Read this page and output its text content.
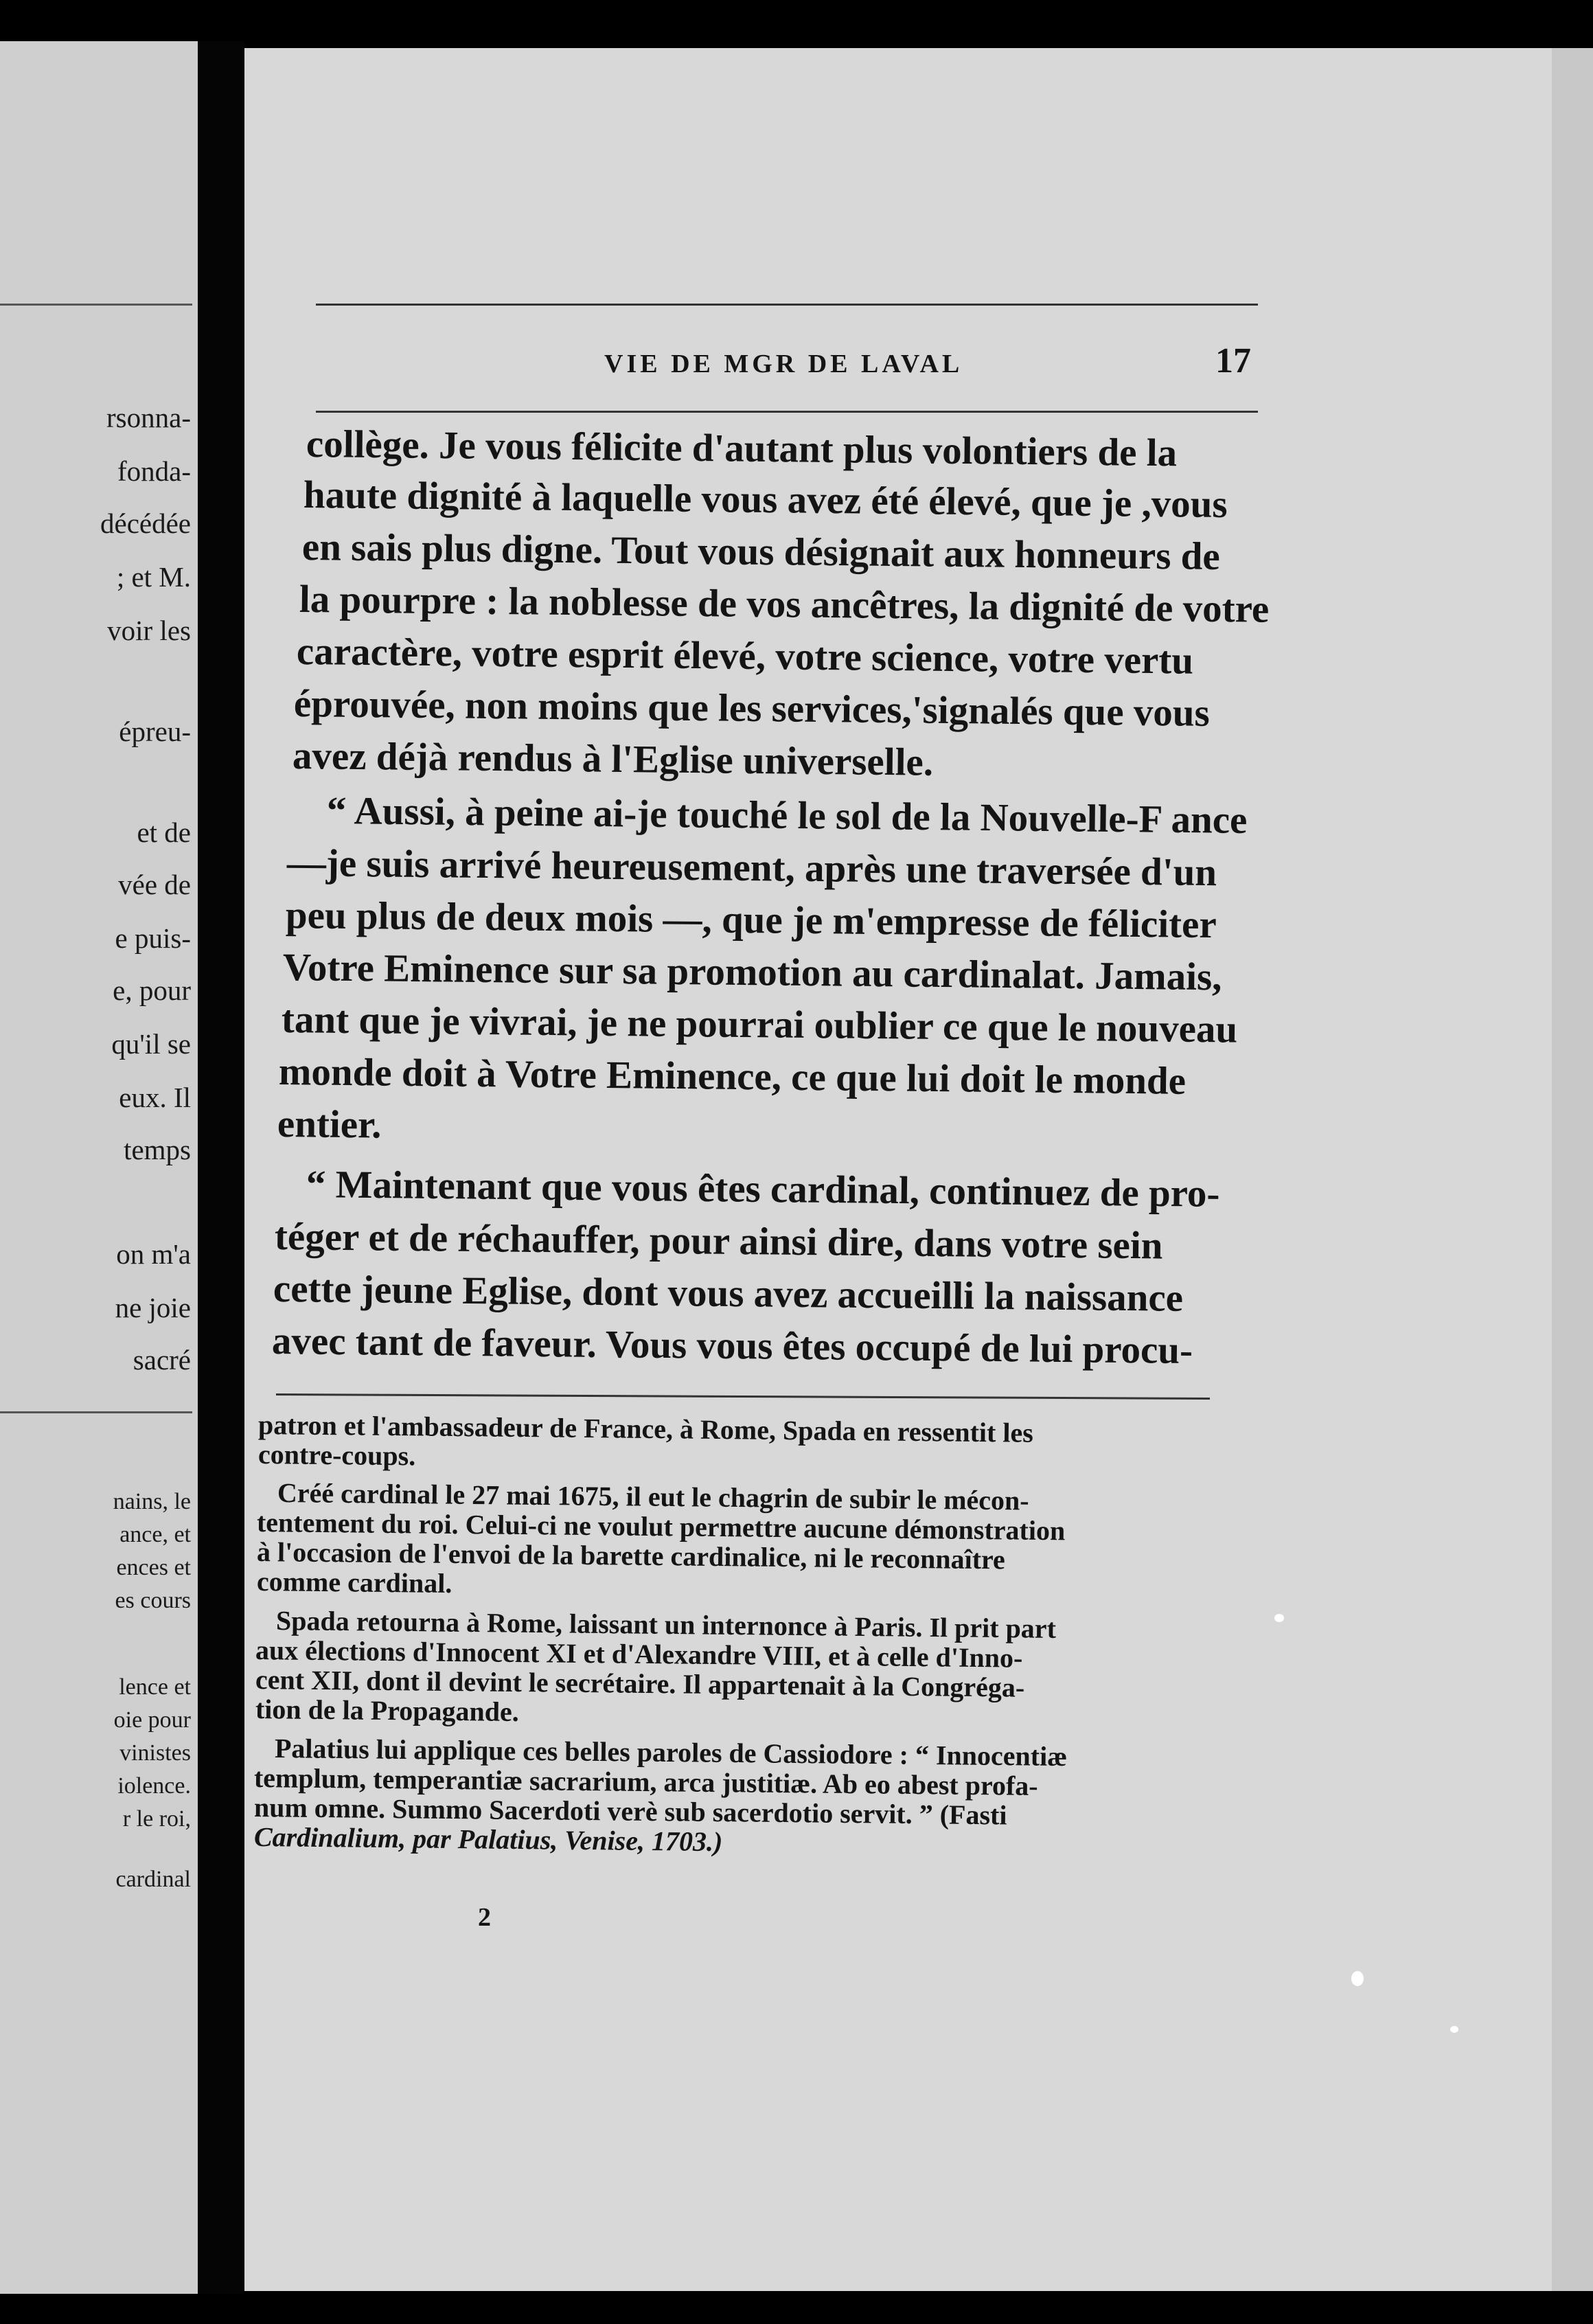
rsonna-
fonda-
décédée
; et M.
voir les
épreu-
et de
vée de
e puis-
e, pour
qu'il se
eux. Il
temps
on m'a
ne joie
sacré
nains, le
ance, et
ences et
es cours
lence et
oie pour
vinistes
iolence.
r le roi,
cardinal
VIE DE MGR DE LAVAL	17
collège. Je vous félicite d'autant plus volontiers de la
haute dignité à laquelle vous avez été élevé, que je ,vous
en sais plus digne. Tout vous désignait aux honneurs de
la pourpre : la noblesse de vos ancêtres, la dignité de votre
caractère, votre esprit élevé, votre science, votre vertu
éprouvée, non moins que les services,'signalés que vous
avez déjà rendus à l'Eglise universelle.
“ Aussi, à peine ai-je touché le sol de la Nouvelle-F ance
—je suis arrivé heureusement, après une traversée d'un
peu plus de deux mois —, que je m'empresse de féliciter
Votre Eminence sur sa promotion au cardinalat. Jamais,
tant que je vivrai, je ne pourrai oublier ce que le nouveau
monde doit à Votre Eminence, ce que lui doit le monde
entier.
“ Maintenant que vous êtes cardinal, continuez de pro-
téger et de réchauffer, pour ainsi dire, dans votre sein
cette jeune Eglise, dont vous avez accueilli la naissance
avec tant de faveur. Vous vous êtes occupé de lui procu-
patron et l'ambassadeur de France, à Rome, Spada en ressentit les
contre-coups.
Créé cardinal le 27 mai 1675, il eut le chagrin de subir le mécon-
tentement du roi. Celui-ci ne voulut permettre aucune démonstration
à l'occasion de l'envoi de la barette cardinalice, ni le reconnaître
comme cardinal.
Spada retourna à Rome, laissant un internonce à Paris. Il prit part
aux élections d'Innocent XI et d'Alexandre VIII, et à celle d'Inno-
cent XII, dont il devint le secrétaire. Il appartenait à la Congréga-
tion de la Propagande.
Palatius lui applique ces belles paroles de Cassiodore : “ Innocentiæ
templum, temperantiæ sacrarium, arca justitiæ. Ab eo abest profa-
num omne. Summo Sacerdoti verè sub sacerdotio servit. ” (Fasti
Cardinalium, par Palatius, Venise, 1703.)
2
